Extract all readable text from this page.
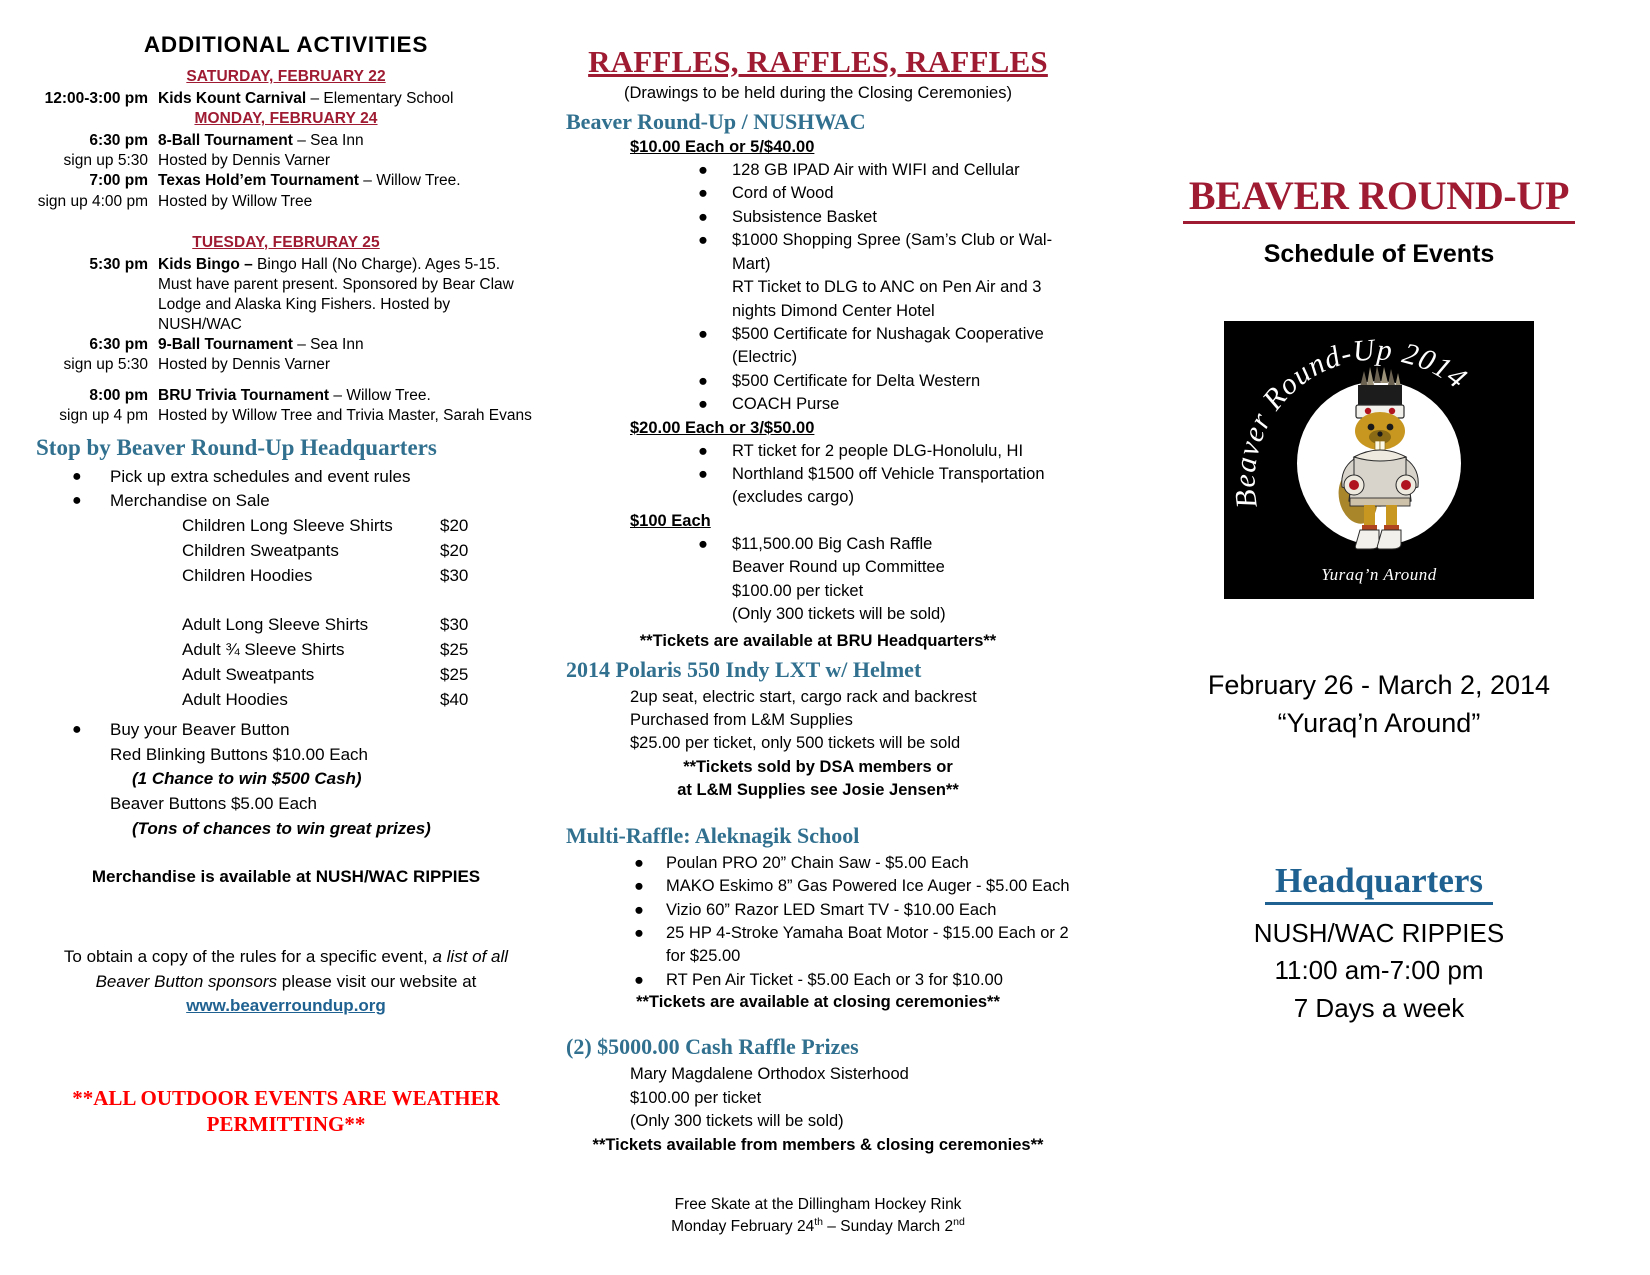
ADDITIONAL ACTIVITIES
SATURDAY, FEBRUARY 22
12:00-3:00 pm Kids Kount Carnival – Elementary School
MONDAY, FEBRUARY 24
6:30 pm 8-Ball Tournament – Sea Inn
sign up 5:30 Hosted by Dennis Varner
7:00 pm Texas Hold’em Tournament – Willow Tree.
sign up 4:00 pm Hosted by Willow Tree
TUESDAY, FEBRURAY 25
5:30 pm Kids Bingo – Bingo Hall (No Charge). Ages 5-15. Must have parent present. Sponsored by Bear Claw Lodge and Alaska King Fishers. Hosted by NUSH/WAC
6:30 pm 9-Ball Tournament – Sea Inn
sign up 5:30 Hosted by Dennis Varner
8:00 pm BRU Trivia Tournament – Willow Tree.
sign up 4 pm Hosted by Willow Tree and Trivia Master, Sarah Evans
Stop by Beaver Round-Up Headquarters
●	Pick up extra schedules and event rules
●	Merchandise on Sale
Children Long Sleeve Shirts	$20
Children Sweatpants	$20
Children Hoodies	$30
Adult Long Sleeve Shirts	$30
Adult ¾ Sleeve Shirts	$25
Adult Sweatpants	$25
Adult Hoodies	$40
●	Buy your Beaver Button
Red Blinking Buttons $10.00 Each
(1 Chance to win $500 Cash)
Beaver Buttons $5.00 Each
(Tons of chances to win great prizes)
Merchandise is available at NUSH/WAC RIPPIES
To obtain a copy of the rules for a specific event, a list of all Beaver Button sponsors please visit our website at
www.beaverroundup.org
**ALL OUTDOOR EVENTS ARE WEATHER
PERMITTING**
RAFFLES, RAFFLES, RAFFLES
(Drawings to be held during the Closing Ceremonies)
Beaver Round-Up / NUSHWAC
$10.00 Each or 5/$40.00
●	128 GB IPAD Air with WIFI and Cellular
●	Cord of Wood
●	Subsistence Basket
●	$1000 Shopping Spree (Sam’s Club or Wal-Mart)
RT Ticket to DLG to ANC on Pen Air and 3 nights Dimond Center Hotel
●	$500 Certificate for Nushagak Cooperative (Electric)
●	$500 Certificate for Delta Western
●	COACH Purse
$20.00 Each or 3/$50.00
●	RT ticket for 2 people DLG-Honolulu, HI
●	Northland $1500 off Vehicle Transportation (excludes cargo)
$100 Each
●	$11,500.00 Big Cash Raffle
Beaver Round up Committee
$100.00 per ticket
(Only 300 tickets will be sold)
**Tickets are available at BRU Headquarters**
2014 Polaris 550 Indy LXT w/ Helmet
2up seat, electric start, cargo rack and backrest
Purchased from L&M Supplies
$25.00 per ticket, only 500 tickets will be sold
**Tickets sold by DSA members or
at L&M Supplies see Josie Jensen**
Multi-Raffle: Aleknagik School
●	Poulan PRO 20” Chain Saw - $5.00 Each
●	MAKO Eskimo 8” Gas Powered Ice Auger - $5.00 Each
●	Vizio 60” Razor LED Smart TV - $10.00 Each
●	25 HP 4-Stroke Yamaha Boat Motor - $15.00 Each or 2 for $25.00
●	RT Pen Air Ticket - $5.00 Each or 3 for $10.00
**Tickets are available at closing ceremonies**
(2) $5000.00 Cash Raffle Prizes
Mary Magdalene Orthodox Sisterhood
$100.00 per ticket
(Only 300 tickets will be sold)
**Tickets available from members & closing ceremonies**
Free Skate at the Dillingham Hockey Rink
Monday February 24th – Sunday March 2nd
BEAVER ROUND-UP
Schedule of Events
Beaver Round-Up 2014
Yuraq’n Around
February 26 - March 2, 2014
“Yuraq’n Around”
Headquarters
NUSH/WAC RIPPIES
11:00 am-7:00 pm
7 Days a week
